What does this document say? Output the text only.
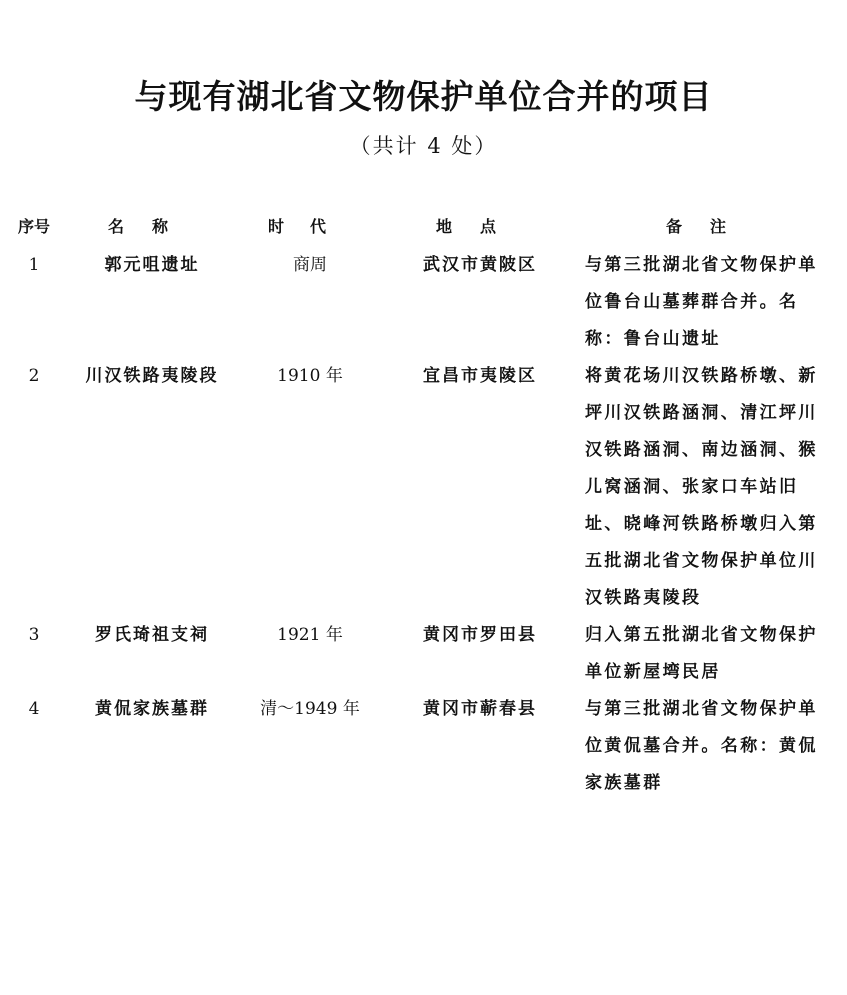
与现有湖北省文物保护单位合并的项目
（共计 4 处）
序号	名称	时代	地点	备注
1	郭元咀遗址	商周	武汉市黄陂区	与第三批湖北省文物保护单位鲁台山墓葬群合并。名称：鲁台山遗址
2	川汉铁路夷陵段	1910 年	宜昌市夷陵区	将黄花场川汉铁路桥墩、新坪川汉铁路涵洞、清江坪川汉铁路涵洞、南边涵洞、猴儿窝涵洞、张家口车站旧址、晓峰河铁路桥墩归入第五批湖北省文物保护单位川汉铁路夷陵段
3	罗氏琦祖支祠	1921 年	黄冈市罗田县	归入第五批湖北省文物保护单位新屋塆民居
4	黄侃家族墓群	清～1949 年	黄冈市蕲春县	与第三批湖北省文物保护单位黄侃墓合并。名称：黄侃家族墓群
